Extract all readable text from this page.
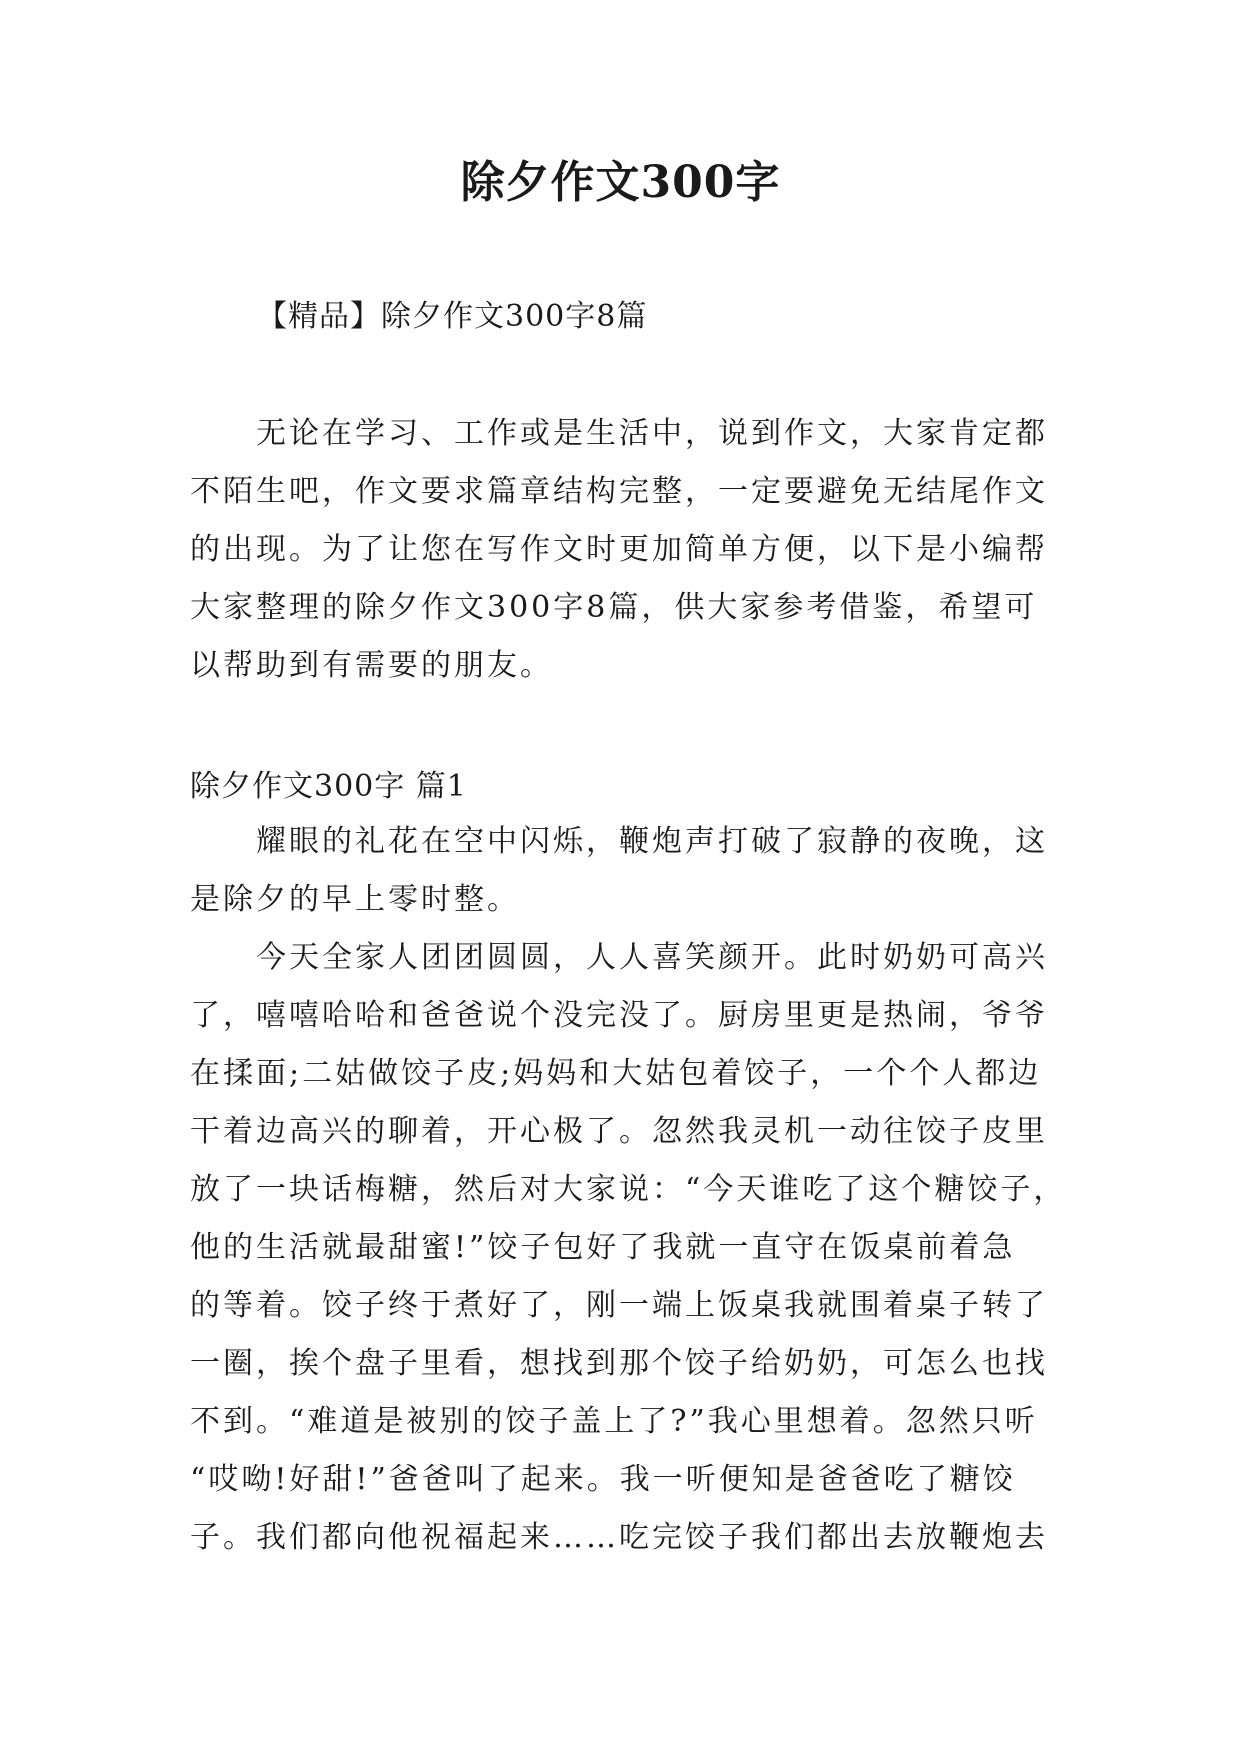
除夕作文300字
【精品】除夕作文300字8篇
无论在学习、工作或是生活中，说到作文，大家肯定都
不陌生吧，作文要求篇章结构完整，一定要避免无结尾作文
的出现。为了让您在写作文时更加简单方便，以下是小编帮
大家整理的除夕作文300字8篇，供大家参考借鉴，希望可
以帮助到有需要的朋友。
除夕作文300字 篇1
耀眼的礼花在空中闪烁，鞭炮声打破了寂静的夜晚，这
是除夕的早上零时整。
今天全家人团团圆圆，人人喜笑颜开。此时奶奶可高兴
了，嘻嘻哈哈和爸爸说个没完没了。厨房里更是热闹，爷爷
在揉面;二姑做饺子皮;妈妈和大姑包着饺子，一个个人都边
干着边高兴的聊着，开心极了。忽然我灵机一动往饺子皮里
放了一块话梅糖，然后对大家说：“今天谁吃了这个糖饺子，
他的生活就最甜蜜!”饺子包好了我就一直守在饭桌前着急
的等着。饺子终于煮好了，刚一端上饭桌我就围着桌子转了
一圈，挨个盘子里看，想找到那个饺子给奶奶，可怎么也找
不到。“难道是被别的饺子盖上了?”我心里想着。忽然只听
“哎呦!好甜!”爸爸叫了起来。我一听便知是爸爸吃了糖饺
子。我们都向他祝福起来……吃完饺子我们都出去放鞭炮去
